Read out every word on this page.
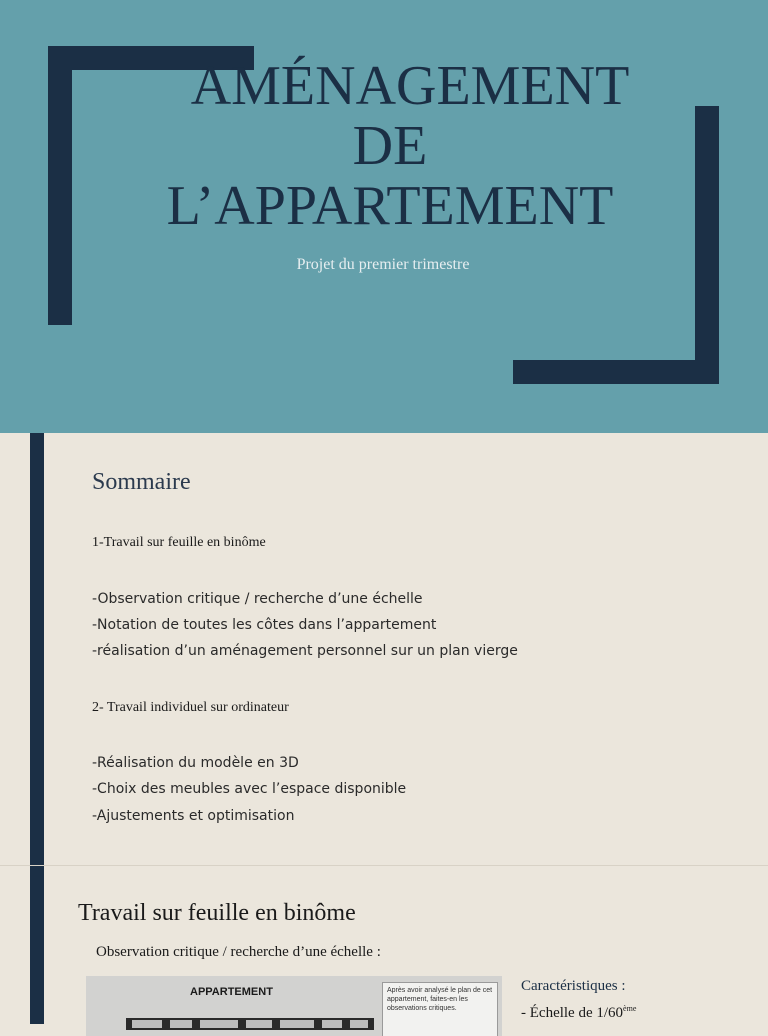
AMÉNAGEMENT
DE
L’APPARTEMENT
Projet du premier trimestre
Sommaire
1-Travail sur feuille en binôme
-Observation critique / recherche d’une échelle
-Notation de toutes les côtes dans l’appartement
-réalisation d’un aménagement personnel sur un plan vierge
2- Travail individuel sur ordinateur
-Réalisation du modèle en 3D
-Choix des meubles avec l’espace disponible
-Ajustements et optimisation
Travail sur feuille en binôme
Observation critique / recherche d’une échelle :
APPARTEMENT	Après avoir analysé le plan de cet appartement, faites-en les observations critiques.
Caractéristiques :
- Échelle de 1/60ème
